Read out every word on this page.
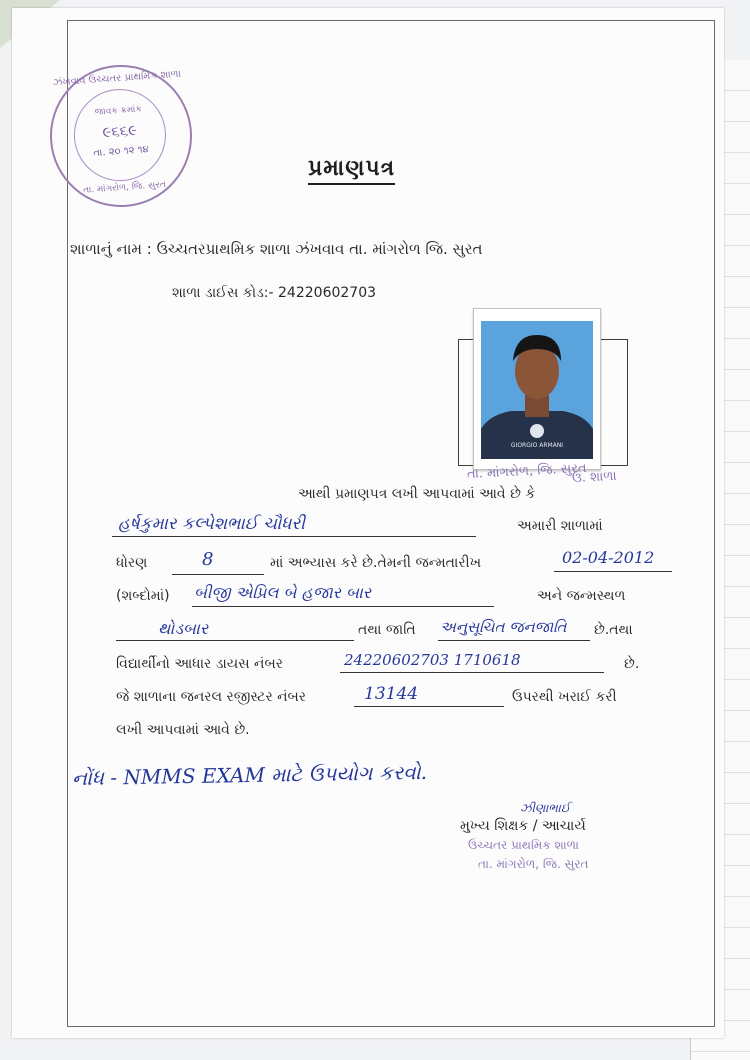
ઝંખવાવ ઉચ્ચતર પ્રાથમિક શાળા
જાવક ક્રમાંક
૯૬૬૯
તા. ૨૦ ૧૨ ૧૪
તા. માંગરોળ, જિ. સુરત
પ્રમાણપત્ર
શાળાનું નામ : ઉચ્ચતરપ્રાથમિક શાળા ઝંખવાવ તા. માંગરોળ જિ. સુરત
શાળા ડાઈસ કોડ:- 24220602703
GIORGIO ARMANI
તા. માંગરોળ, જિ. સુરત
ઉ. શાળા
આથી પ્રમાણપત્ર લખી આપવામાં આવે છે કે
હર્ષકુમાર કલ્પેશભાઈ ચૌધરી	અમારી શાળામાં
ધોરણ	8	માં અભ્યાસ કરે છે.તેમની જન્મતારીખ	02-04-2012
(શબ્દોમાં) બીજી એપ્રિલ બે હજાર બાર	અને જન્મસ્થળ
થોડબાર	તથા જાતિ અનુસૂચિત જનજાતિ છે.તથા
વિદ્યાર્થીનો આધાર ડાયસ નંબર	24220602703 1710618	છે.
જે શાળાના જનરલ રજીસ્ટર નંબર	13144	ઉપરથી ખરાઈ કરી
લખી આપવામાં આવે છે.
નોંધ - NMMS EXAM માટે ઉપયોગ કરવો.
ઝીણાભાઈ
મુખ્ય શિક્ષક / આચાર્ય
ઉચ્ચતર પ્રાથમિક શાળા
તા. માંગરોળ, જિ. સુરત
